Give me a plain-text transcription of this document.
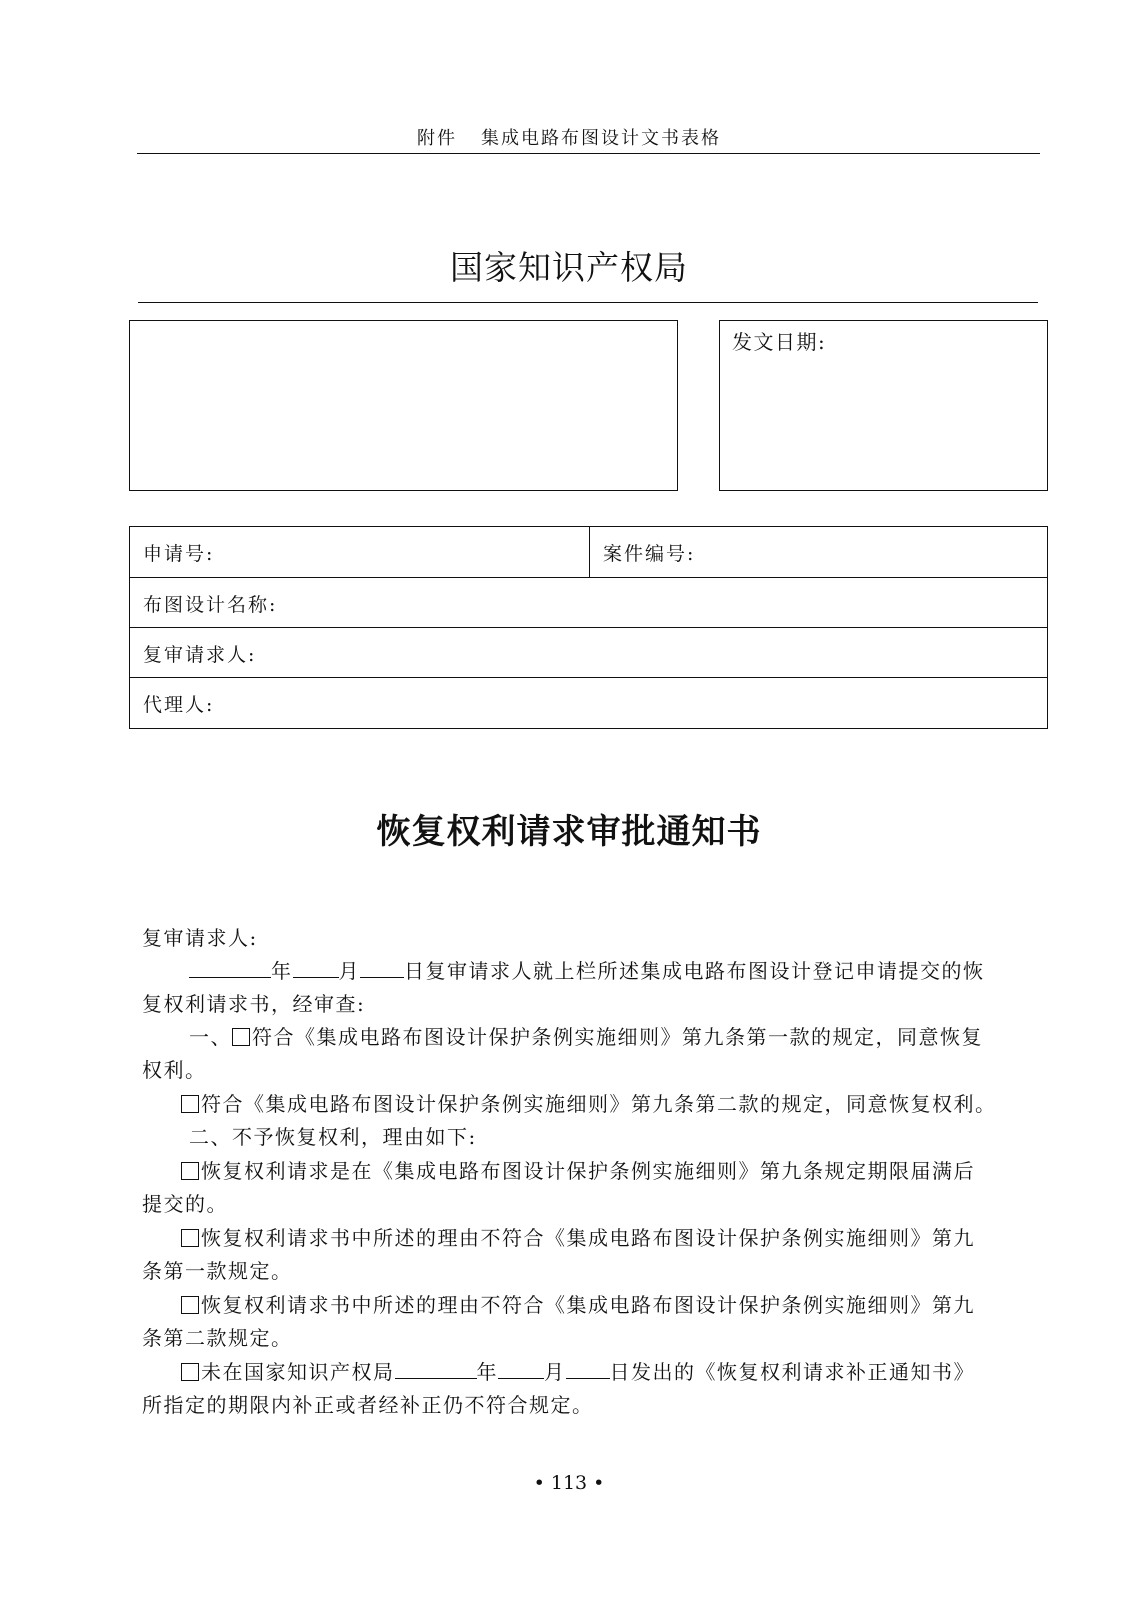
附件 集成电路布图设计文书表格
国家知识产权局
发文日期:
申请号:	案件编号:
布图设计名称:
复审请求人:
代理人:
恢复权利请求审批通知书
复审请求人:
年 月 日复审请求人就上栏所述集成电路布图设计登记申请提交的恢
复权利请求书，经审查:
一、 符合《集成电路布图设计保护条例实施细则》第九条第一款的规定，同意恢复
权利。
符合《集成电路布图设计保护条例实施细则》第九条第二款的规定，同意恢复权利。
二、不予恢复权利，理由如下:
恢复权利请求是在《集成电路布图设计保护条例实施细则》第九条规定期限届满后
提交的。
恢复权利请求书中所述的理由不符合《集成电路布图设计保护条例实施细则》第九
条第一款规定。
恢复权利请求书中所述的理由不符合《集成电路布图设计保护条例实施细则》第九
条第二款规定。
未在国家知识产权局	年 月 日发出的《恢复权利请求补正通知书》
所指定的期限内补正或者经补正仍不符合规定。
• 113 •
